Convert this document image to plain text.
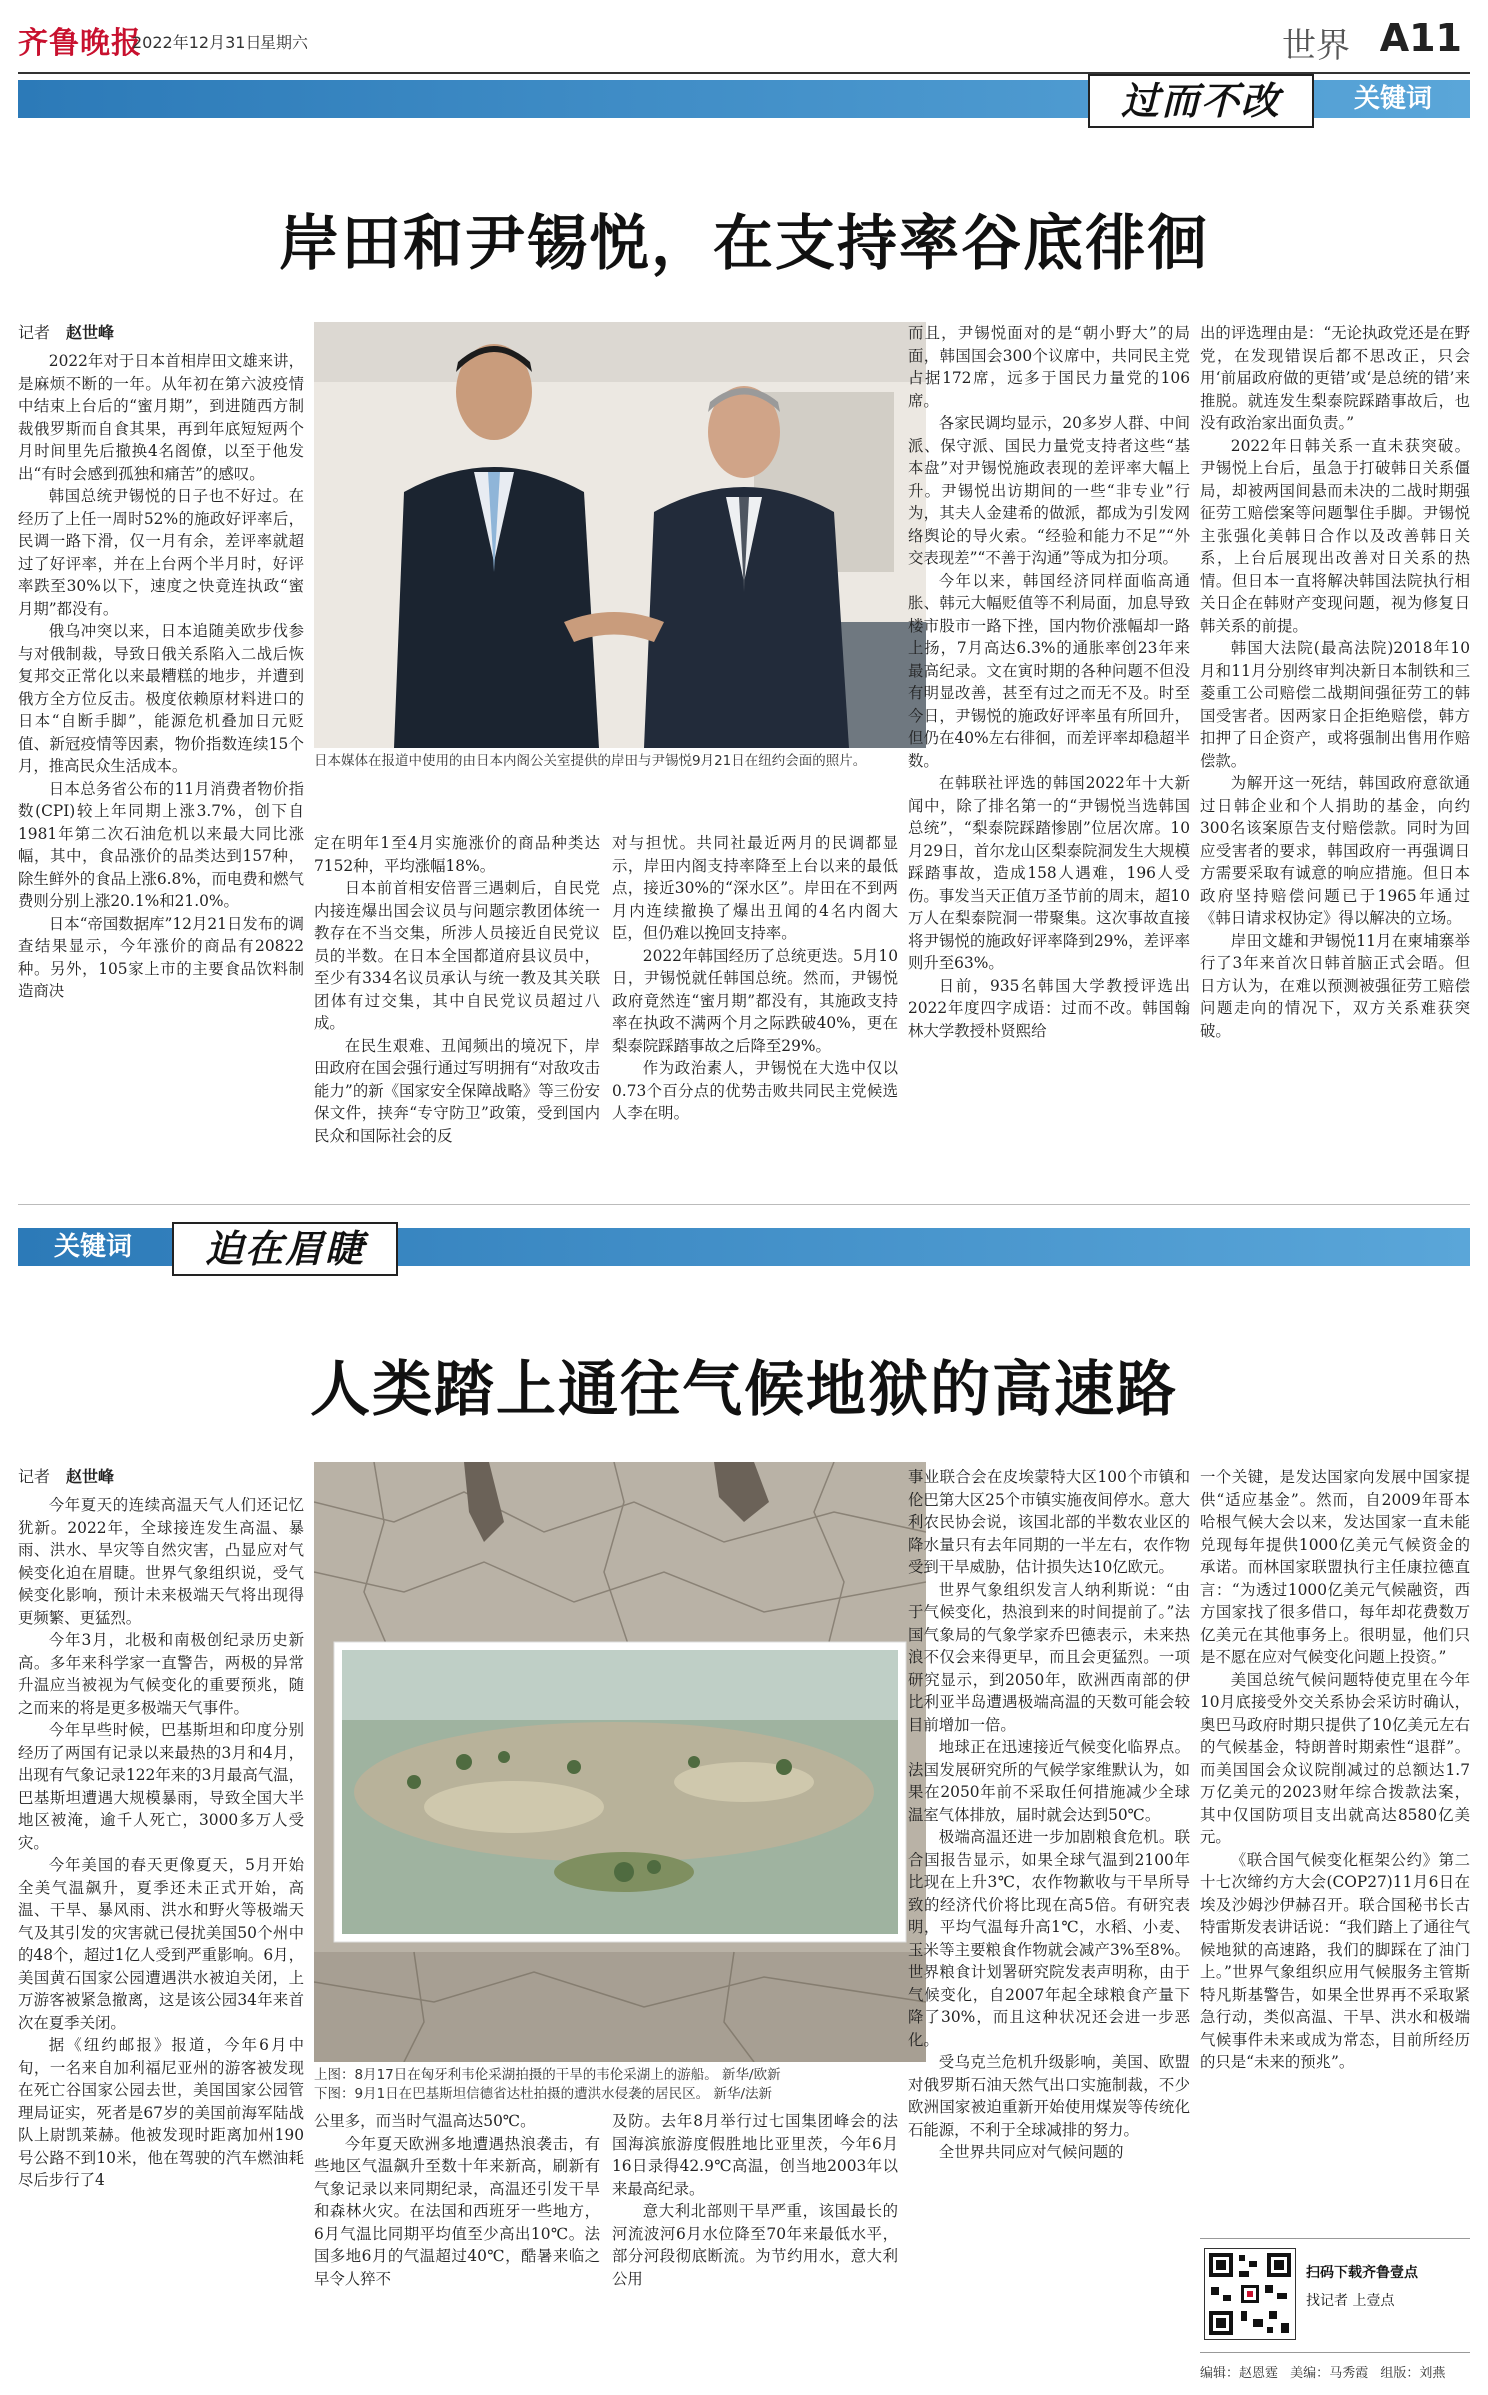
齐鲁晚报
2022年12月31日
星期六	世界 A11
过而不改	关键词
岸田和尹锡悦，在支持率谷底徘徊
日本媒体在报道中使用的由日本内阁公关室提供的岸田与尹锡悦9月21日在纽约会面的照片。

记者 赵世峰

2022年对于日本首相岸田文雄来讲，是麻烦不断的一年。从年初在第六波疫情中结束上台后的“蜜月期”，到进随西方制裁俄罗斯而自食其果，再到年底短短两个月时间里先后撤换4名阁僚，以至于他发出“有时会感到孤独和痛苦”的感叹。

韩国总统尹锡悦的日子也不好过。在经历了上任一周时52%的施政好评率后，民调一路下滑，仅一月有余，差评率就超过了好评率，并在上台两个半月时，好评率跌至30%以下，速度之快竟连执政“蜜月期”都没有。

俄乌冲突以来，日本追随美欧步伐参与对俄制裁，导致日俄关系陷入二战后恢复邦交正常化以来最糟糕的地步，并遭到俄方全方位反击。极度依赖原材料进口的日本“自断手脚”，能源危机叠加日元贬值、新冠疫情等因素，物价指数连续15个月，推高民众生活成本。

日本总务省公布的11月消费者物价指数(CPI)较上年同期上涨3.7%，创下自1981年第二次石油危机以来最大同比涨幅，其中，食品涨价的品类达到157种，除生鲜外的食品上涨6.8%，而电费和燃气费则分别上涨20.1%和21.0%。

日本“帝国数据库”12月21日发布的调查结果显示，今年涨价的商品有20822种。另外，105家上市的主要食品饮料制造商决

定在明年1至4月实施涨价的商品种类达7152种，平均涨幅18%。

日本前首相安倍晋三遇刺后，自民党内接连爆出国会议员与问题宗教团体统一教存在不当交集，所涉人员接近自民党议员的半数。在日本全国都道府县议员中，至少有334名议员承认与统一教及其关联团体有过交集，其中自民党议员超过八成。

在民生艰难、丑闻频出的境况下，岸田政府在国会强行通过写明拥有“对敌攻击能力”的新《国家安全保障战略》等三份安保文件，挟奔“专守防卫”政策，受到国内民众和国际社会的反

对与担忧。共同社最近两月的民调都显示，岸田内阁支持率降至上台以来的最低点，接近30%的“深水区”。岸田在不到两月内连续撤换了爆出丑闻的4名内阁大臣，但仍难以挽回支持率。

2022年韩国经历了总统更迭。5月10日，尹锡悦就任韩国总统。然而，尹锡悦政府竟然连“蜜月期”都没有，其施政支持率在执政不满两个月之际跌破40%，更在梨泰院踩踏事故之后降至29%。

作为政治素人，尹锡悦在大选中仅以0.73个百分点的优势击败共同民主党候选人李在明。

而且，尹锡悦面对的是“朝小野大”的局面，韩国国会300个议席中，共同民主党占据172席，远多于国民力量党的106席。

各家民调均显示，20多岁人群、中间派、保守派、国民力量党支持者这些“基本盘”对尹锡悦施政表现的差评率大幅上升。尹锡悦出访期间的一些“非专业”行为，其夫人金建希的做派，都成为引发网络舆论的导火索。“经验和能力不足”“外交表现差”“不善于沟通”等成为扣分项。

今年以来，韩国经济同样面临高通胀、韩元大幅贬值等不利局面，加息导致楼市股市一路下挫，国内物价涨幅却一路上扬，7月高达6.3%的通胀率创23年来最高纪录。文在寅时期的各种问题不但没有明显改善，甚至有过之而无不及。时至今日，尹锡悦的施政好评率虽有所回升，但仍在40%左右徘徊，而差评率却稳超半数。

在韩联社评选的韩国2022年十大新闻中，除了排名第一的“尹锡悦当选韩国总统”，“梨泰院踩踏惨剧”位居次席。10月29日，首尔龙山区梨泰院洞发生大规模踩踏事故，造成158人遇难，196人受伤。事发当天正值万圣节前的周末，超10万人在梨泰院洞一带聚集。这次事故直接将尹锡悦的施政好评率降到29%，差评率则升至63%。

日前，935名韩国大学教授评选出2022年度四字成语：过而不改。韩国翰林大学教授朴贤熙给

出的评选理由是：“无论执政党还是在野党，在发现错误后都不思改正，只会用‘前届政府做的更错’或‘是总统的错’来推脱。就连发生梨泰院踩踏事故后，也没有政治家出面负责。”

2022年日韩关系一直未获突破。尹锡悦上台后，虽急于打破韩日关系僵局，却被两国间悬而未决的二战时期强征劳工赔偿案等问题掣住手脚。尹锡悦主张强化美韩日合作以及改善韩日关系，上台后展现出改善对日关系的热情。但日本一直将解决韩国法院执行相关日企在韩财产变现问题，视为修复日韩关系的前提。

韩国大法院(最高法院)2018年10月和11月分别终审判决新日本制铁和三菱重工公司赔偿二战期间强征劳工的韩国受害者。因两家日企拒绝赔偿，韩方扣押了日企资产，或将强制出售用作赔偿款。

为解开这一死结，韩国政府意欲通过日韩企业和个人捐助的基金，向约300名该案原告支付赔偿款。同时为回应受害者的要求，韩国政府一再强调日方需要采取有诚意的响应措施。但日本政府坚持赔偿问题已于1965年通过《韩日请求权协定》得以解决的立场。

岸田文雄和尹锡悦11月在柬埔寨举行了3年来首次日韩首脑正式会晤。但日方认为，在难以预测被强征劳工赔偿问题走向的情况下，双方关系难获突破。

关键词	迫在眉睫
人类踏上通往气候地狱的高速路
上图：8月17日在匈牙利韦伦采湖拍摄的干旱的韦伦采湖上的游船。 新华/欧新
下图：9月1日在巴基斯坦信德省达杜拍摄的遭洪水侵袭的居民区。 新华/法新

记者 赵世峰

今年夏天的连续高温天气人们还记忆犹新。2022年，全球接连发生高温、暴雨、洪水、旱灾等自然灾害，凸显应对气候变化迫在眉睫。世界气象组织说，受气候变化影响，预计未来极端天气将出现得更频繁、更猛烈。

今年3月，北极和南极创纪录历史新高。多年来科学家一直警告，两极的异常升温应当被视为气候变化的重要预兆，随之而来的将是更多极端天气事件。

今年早些时候，巴基斯坦和印度分别经历了两国有记录以来最热的3月和4月，出现有气象记录122年来的3月最高气温，巴基斯坦遭遇大规模暴雨，导致全国大半地区被淹，逾千人死亡，3000多万人受灾。

今年美国的春天更像夏天，5月开始全美气温飙升，夏季还未正式开始，高温、干旱、暴风雨、洪水和野火等极端天气及其引发的灾害就已侵扰美国50个州中的48个，超过1亿人受到严重影响。6月，美国黄石国家公园遭遇洪水被迫关闭，上万游客被紧急撤离，这是该公园34年来首次在夏季关闭。

据《纽约邮报》报道，今年6月中旬，一名来自加利福尼亚州的游客被发现在死亡谷国家公园去世，美国国家公园管理局证实，死者是67岁的美国前海军陆战队上尉凯莱赫。他被发现时距离加州190号公路不到10米，他在驾驶的汽车燃油耗尽后步行了4

公里多，而当时气温高达50℃。

今年夏天欧洲多地遭遇热浪袭击，有些地区气温飙升至数十年来新高，刷新有气象记录以来同期纪录，高温还引发干旱和森林火灾。在法国和西班牙一些地方，6月气温比同期平均值至少高出10℃。法国多地6月的气温超过40℃，酷暑来临之早令人猝不

及防。去年8月举行过七国集团峰会的法国海滨旅游度假胜地比亚里茨，今年6月16日录得42.9℃高温，创当地2003年以来最高纪录。

意大利北部则干旱严重，该国最长的河流波河6月水位降至70年来最低水平，部分河段彻底断流。为节约用水，意大利公用

事业联合会在皮埃蒙特大区100个市镇和伦巴第大区25个市镇实施夜间停水。意大利农民协会说，该国北部的半数农业区的降水量只有去年同期的一半左右，农作物受到干旱威胁，估计损失达10亿欧元。

世界气象组织发言人纳利斯说：“由于气候变化，热浪到来的时间提前了。”法国气象局的气象学家乔巴德表示，未来热浪不仅会来得更早，而且会更猛烈。一项研究显示，到2050年，欧洲西南部的伊比利亚半岛遭遇极端高温的天数可能会较目前增加一倍。

地球正在迅速接近气候变化临界点。法国发展研究所的气候学家维默认为，如果在2050年前不采取任何措施减少全球温室气体排放，届时就会达到50℃。

极端高温还进一步加剧粮食危机。联合国报告显示，如果全球气温到2100年比现在上升3℃，农作物歉收与干旱所导致的经济代价将比现在高5倍。有研究表明，平均气温每升高1℃，水稻、小麦、玉米等主要粮食作物就会减产3%至8%。世界粮食计划署研究院发表声明称，由于气候变化，自2007年起全球粮食产量下降了30%，而且这种状况还会进一步恶化。

受乌克兰危机升级影响，美国、欧盟对俄罗斯石油天然气出口实施制裁，不少欧洲国家被迫重新开始使用煤炭等传统化石能源，不利于全球减排的努力。

全世界共同应对气候问题的

一个关键，是发达国家向发展中国家提供“适应基金”。然而，自2009年哥本哈根气候大会以来，发达国家一直未能兑现每年提供1000亿美元气候资金的承诺。而林国家联盟执行主任康拉德直言：“为透过1000亿美元气候融资，西方国家找了很多借口，每年却花费数万亿美元在其他事务上。很明显，他们只是不愿在应对气候变化问题上投资。”

美国总统气候问题特使克里在今年10月底接受外交关系协会采访时确认，奥巴马政府时期只提供了10亿美元左右的气候基金，特朗普时期索性“退群”。而美国国会众议院削减过的总额达1.7万亿美元的2023财年综合拨款法案，其中仅国防项目支出就高达8580亿美元。

《联合国气候变化框架公约》第二十七次缔约方大会(COP27)11月6日在埃及沙姆沙伊赫召开。联合国秘书长古特雷斯发表讲话说：“我们踏上了通往气候地狱的高速路，我们的脚踩在了油门上。”世界气象组织应用气候服务主管斯特凡斯基警告，如果全世界再不采取紧急行动，类似高温、干旱、洪水和极端气候事件未来或成为常态，目前所经历的只是“未来的预兆”。

扫码下载齐鲁壹点
找记者 上壹点
编辑：赵恩霆 美编：马秀霞 组版：刘燕
